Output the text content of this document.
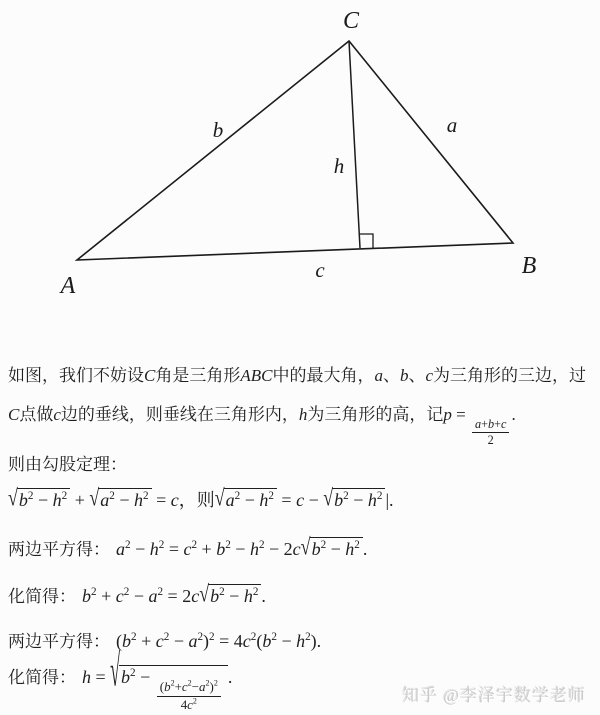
C
A
B
b	a
h
c

如图，我们不妨设C角是三角形ABC中的最大角，a、b、c为三角形的三边，过C点做c边的垂线，则垂线在三角形内，h为三角形的高，记p =
$\frac{a+b+c}{2}$
.

则由勾股定理：

$√b^2 - h^2 + √a^2 - h^2 = c$，则$√a^2 - h^2 = c - √b^2 - h^2$ |.

两边平方得： $a^2 - h^2 = c^2 + b^2 - h^2 - 2c√b^2 - h^2$ .

化简得： $b^2 + c^2 - a^2 = 2c√b^2 - h^2$ .

两边平方得： $(b^2 + c^2 - a^2)^2 = 4c^2(b^2 - h^2)$.

化简得： $h = √b^2$ −
$\frac{(b^2+c^2-a^2)^2}{4c^2}$
.

知乎 @李泽宇数学老师
